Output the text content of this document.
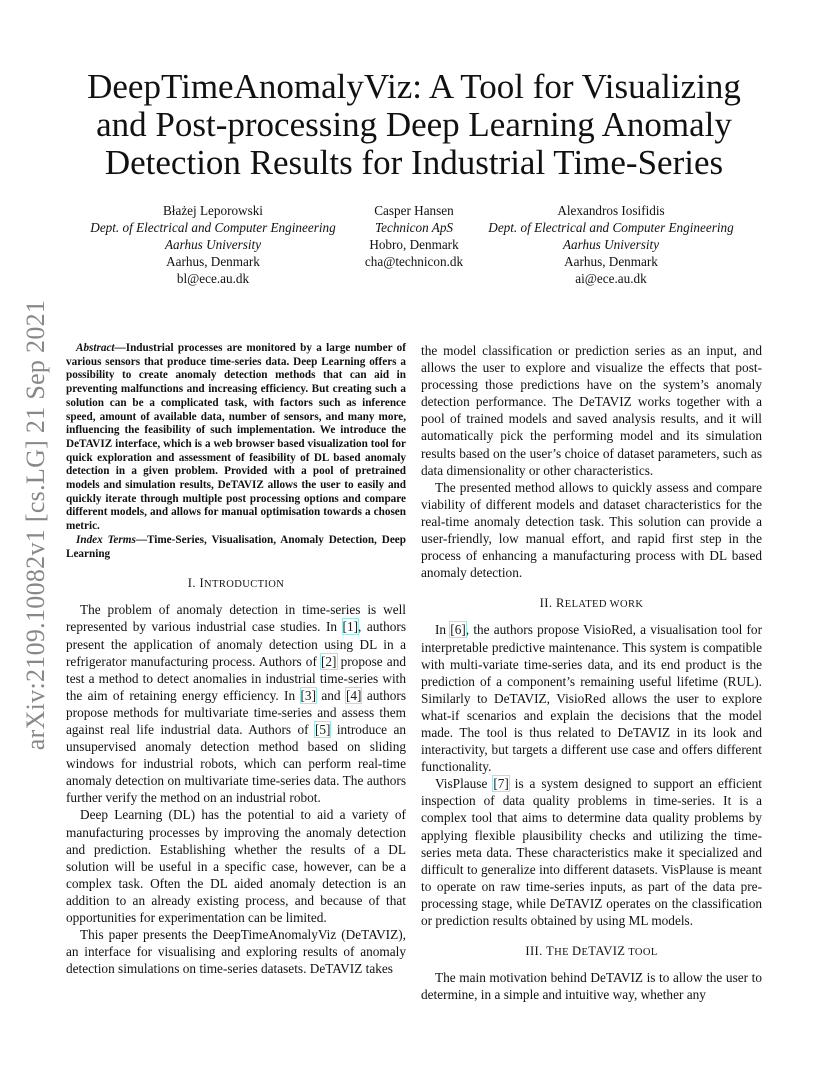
arXiv:2109.10082v1 [cs.LG] 21 Sep 2021
DeepTimeAnomalyViz: A Tool for Visualizing and Post-processing Deep Learning Anomaly Detection Results for Industrial Time-Series
Błażej Leporowski
Dept. of Electrical and Computer Engineering
Aarhus University
Aarhus, Denmark
bl@ece.au.dk
Casper Hansen
Technicon ApS
Hobro, Denmark
cha@technicon.dk
Alexandros Iosifidis
Dept. of Electrical and Computer Engineering
Aarhus University
Aarhus, Denmark
ai@ece.au.dk

Abstract—Industrial processes are monitored by a large number of various sensors that produce time-series data. Deep Learning offers a possibility to create anomaly detection methods that can aid in preventing malfunctions and increasing efficiency. But creating such a solution can be a complicated task, with factors such as inference speed, amount of available data, number of sensors, and many more, influencing the feasibility of such implementation. We introduce the DeTAVIZ interface, which is a web browser based visualization tool for quick exploration and assessment of feasibility of DL based anomaly detection in a given problem. Provided with a pool of pretrained models and simulation results, DeTAVIZ allows the user to easily and quickly iterate through multiple post processing options and compare different models, and allows for manual optimisation towards a chosen metric.

Index Terms—Time-Series, Visualisation, Anomaly Detection, Deep Learning

I. INTRODUCTION

The problem of anomaly detection in time-series is well represented by various industrial case studies. In [1], authors present the application of anomaly detection using DL in a refrigerator manufacturing process. Authors of [2] propose and test a method to detect anomalies in industrial time-series with the aim of retaining energy efficiency. In [3] and [4] authors propose methods for multivariate time-series and assess them against real life industrial data. Authors of [5] introduce an unsupervised anomaly detection method based on sliding windows for industrial robots, which can perform real-time anomaly detection on multivariate time-series data. The authors further verify the method on an industrial robot.

Deep Learning (DL) has the potential to aid a variety of manufacturing processes by improving the anomaly detection and prediction. Establishing whether the results of a DL solution will be useful in a specific case, however, can be a complex task. Often the DL aided anomaly detection is an addition to an already existing process, and because of that opportunities for experimentation can be limited.

This paper presents the DeepTimeAnomalyViz (DeTAVIZ), an interface for visualising and exploring results of anomaly detection simulations on time-series datasets. DeTAVIZ takes

the model classification or prediction series as an input, and allows the user to explore and visualize the effects that post-processing those predictions have on the system’s anomaly detection performance. The DeTAVIZ works together with a pool of trained models and saved analysis results, and it will automatically pick the performing model and its simulation results based on the user’s choice of dataset parameters, such as data dimensionality or other characteristics.

The presented method allows to quickly assess and compare viability of different models and dataset characteristics for the real-time anomaly detection task. This solution can provide a user-friendly, low manual effort, and rapid first step in the process of enhancing a manufacturing process with DL based anomaly detection.

II. RELATED WORK

In [6], the authors propose VisioRed, a visualisation tool for interpretable predictive maintenance. This system is compatible with multi-variate time-series data, and its end product is the prediction of a component’s remaining useful lifetime (RUL). Similarly to DeTAVIZ, VisioRed allows the user to explore what-if scenarios and explain the decisions that the model made. The tool is thus related to DeTAVIZ in its look and interactivity, but targets a different use case and offers different functionality.

VisPlause [7] is a system designed to support an efficient inspection of data quality problems in time-series. It is a complex tool that aims to determine data quality problems by applying flexible plausibility checks and utilizing the time-series meta data. These characteristics make it specialized and difficult to generalize into different datasets. VisPlause is meant to operate on raw time-series inputs, as part of the data pre-processing stage, while DeTAVIZ operates on the classification or prediction results obtained by using ML models.

III. THE DETAVIZ TOOL

The main motivation behind DeTAVIZ is to allow the user to determine, in a simple and intuitive way, whether any
